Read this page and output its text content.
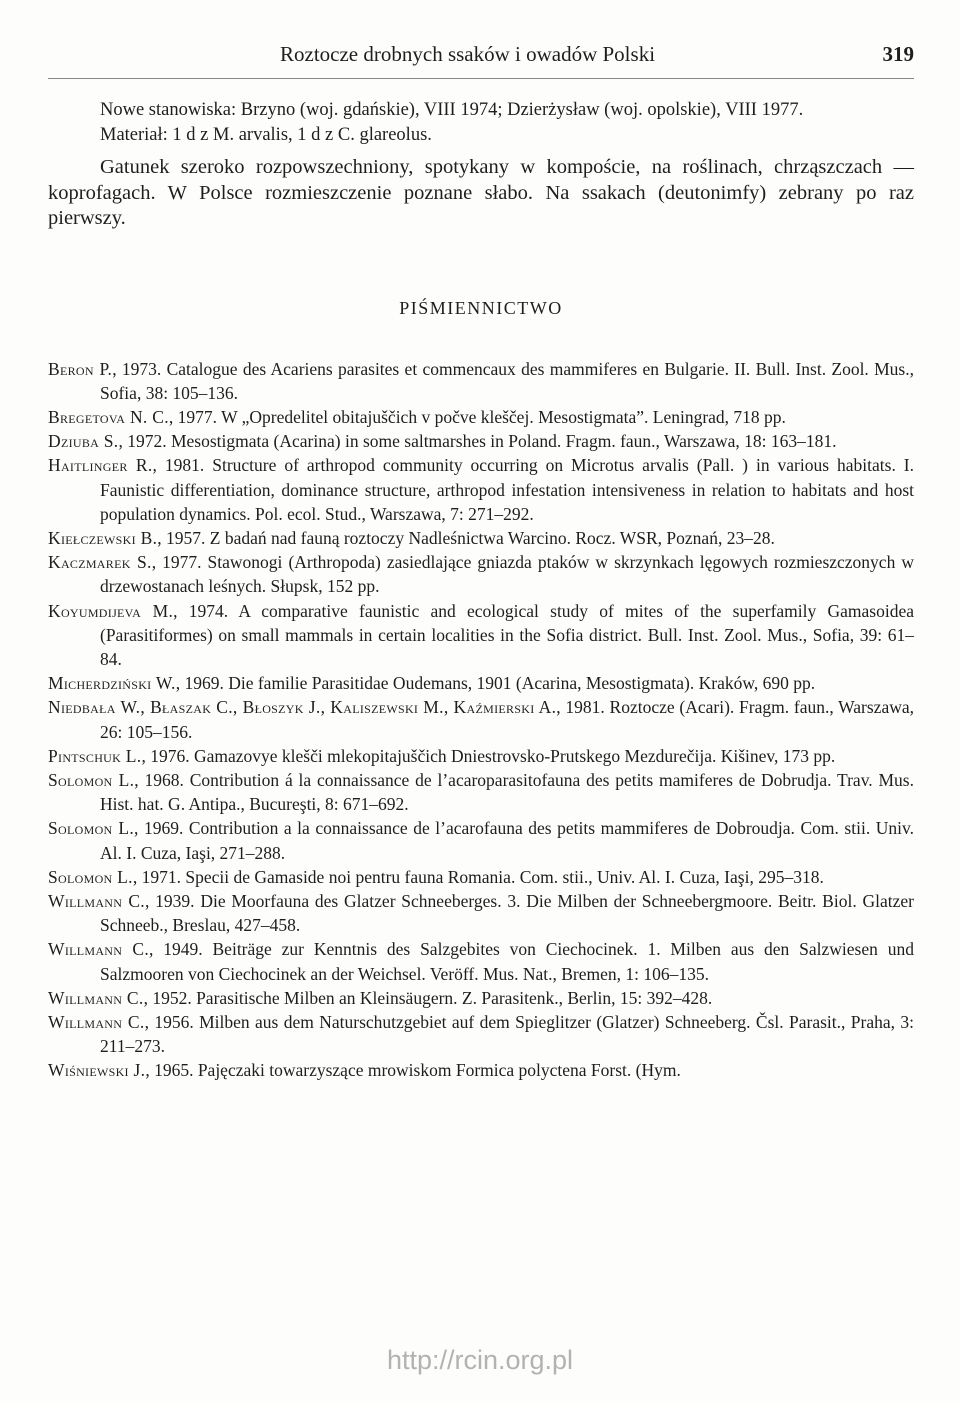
Roztocze drobnych ssaków i owadów Polski	319

Nowe stanowiska: Brzyno (woj. gdańskie), VIII 1974; Dzierżysław (woj. opolskie), VIII 1977.

Materiał: 1 d z M. arvalis, 1 d z C. glareolus.

Gatunek szeroko rozpowszechniony, spotykany w kompoście, na roślinach, chrząszczach — koprofagach. W Polsce rozmieszczenie poznane słabo. Na ssakach (deutonimfy) zebrany po raz pierwszy.

PIŚMIENNICTWO

Beron P., 1973. Catalogue des Acariens parasites et commencaux des mammiferes en Bulgarie. II. Bull. Inst. Zool. Mus., Sofia, 38: 105–136.

Bregetova N. C., 1977. W „Opredelitel obitajuščich v počve kleščej. Mesostigmata”. Leningrad, 718 pp.

Dziuba S., 1972. Mesostigmata (Acarina) in some saltmarshes in Poland. Fragm. faun., Warszawa, 18: 163–181.

Haitlinger R., 1981. Structure of arthropod community occurring on Microtus arvalis (Pall. ) in various habitats. I. Faunistic differentiation, dominance structure, arthropod infestation intensiveness in relation to habitats and host population dynamics. Pol. ecol. Stud., Warszawa, 7: 271–292.

Kiełczewski B., 1957. Z badań nad fauną roztoczy Nadleśnictwa Warcino. Rocz. WSR, Poznań, 23–28.

Kaczmarek S., 1977. Stawonogi (Arthropoda) zasiedlające gniazda ptaków w skrzynkach lęgowych rozmieszczonych w drzewostanach leśnych. Słupsk, 152 pp.

Koyumdijeva M., 1974. A comparative faunistic and ecological study of mites of the superfamily Gamasoidea (Parasitiformes) on small mammals in certain localities in the Sofia district. Bull. Inst. Zool. Mus., Sofia, 39: 61–84.

Micherdziński W., 1969. Die familie Parasitidae Oudemans, 1901 (Acarina, Mesostigmata). Kraków, 690 pp.

Niedbała W., Błaszak C., Błoszyk J., Kaliszewski M., Kaźmierski A., 1981. Roztocze (Acari). Fragm. faun., Warszawa, 26: 105–156.

Pintschuk L., 1976. Gamazovye klešči mlekopitajuščich Dniestrovsko-Prutskego Mezdurečija. Kišinev, 173 pp.

Solomon L., 1968. Contribution á la connaissance de l’acaroparasitofauna des petits mamiferes de Dobrudja. Trav. Mus. Hist. hat. G. Antipa., Bucureşti, 8: 671–692.

Solomon L., 1969. Contribution a la connaissance de l’acarofauna des petits mammiferes de Dobroudja. Com. stii. Univ. Al. I. Cuza, Iaşi, 271–288.

Solomon L., 1971. Specii de Gamaside noi pentru fauna Romania. Com. stii., Univ. Al. I. Cuza, Iaşi, 295–318.

Willmann C., 1939. Die Moorfauna des Glatzer Schneeberges. 3. Die Milben der Schneebergmoore. Beitr. Biol. Glatzer Schneeb., Breslau, 427–458.

Willmann C., 1949. Beiträge zur Kenntnis des Salzgebites von Ciechocinek. 1. Milben aus den Salzwiesen und Salzmooren von Ciechocinek an der Weichsel. Veröff. Mus. Nat., Bremen, 1: 106–135.

Willmann C., 1952. Parasitische Milben an Kleinsäugern. Z. Parasitenk., Berlin, 15: 392–428.

Willmann C., 1956. Milben aus dem Naturschutzgebiet auf dem Spieglitzer (Glatzer) Schneeberg. Čsl. Parasit., Praha, 3: 211–273.

Wiśniewski J., 1965. Pajęczaki towarzyszące mrowiskom Formica polyctena Forst. (Hym.

http://rcin.org.pl
